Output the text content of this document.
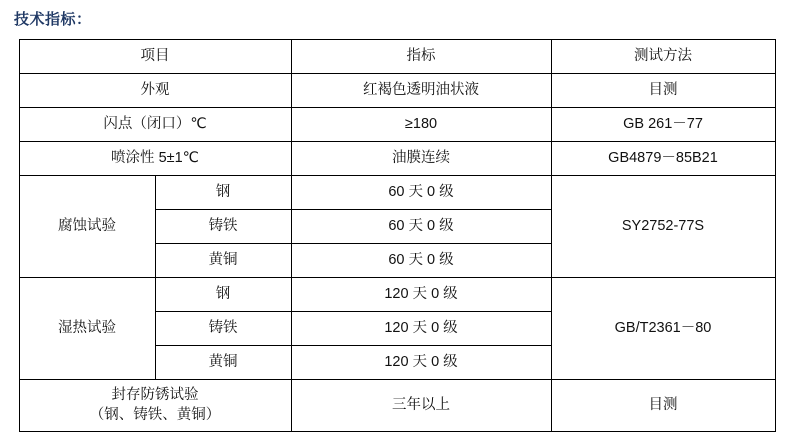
技术指标：
项目		指标	测试方法
外观		红褐色透明油状液	目测
闪点（闭口）℃		≥180	GB 261－77
喷涂性 5±1℃		油膜连续	GB4879－85B21
腐蚀试验	钢	60 天 0 级	SY2752-77S
	铸铁	60 天 0 级	
	黄铜	60 天 0 级	
湿热试验	钢	120 天 0 级	GB/T2361－80
	铸铁	120 天 0 级	
	黄铜	120 天 0 级	

封存防锈试验
（钢、铸铁、黄铜）		三年以上	目测
